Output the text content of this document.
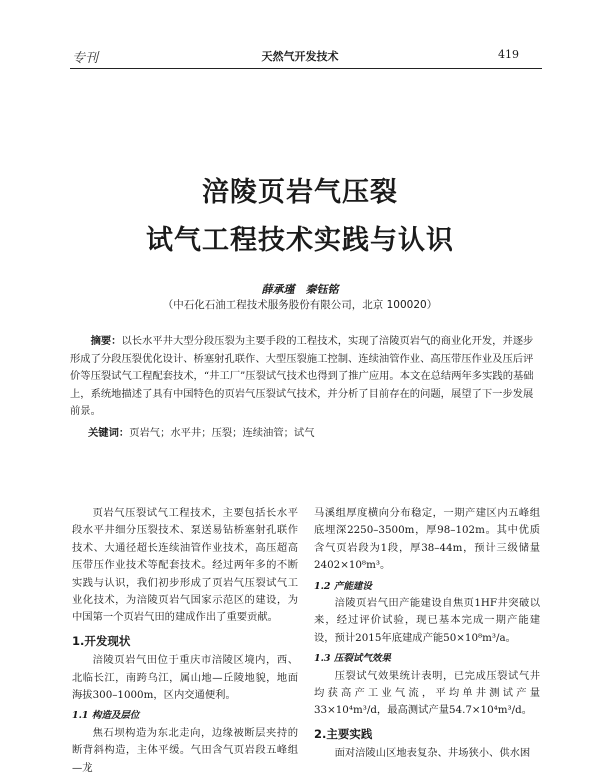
专刊	天然气开发技术	419
涪陵页岩气压裂
试气工程技术实践与认识
薛承瑾　秦钰铭
（中石化石油工程技术服务股份有限公司，北京 100020）
摘要：以长水平井大型分段压裂为主要手段的工程技术，实现了涪陵页岩气的商业化开发，并逐步形成了分段压裂优化设计、桥塞射孔联作、大型压裂施工控制、连续油管作业、高压带压作业及压后评价等压裂试气工程配套技术，“井工厂”压裂试气技术也得到了推广应用。本文在总结两年多实践的基础上，系统地描述了具有中国特色的页岩气压裂试气技术，并分析了目前存在的问题，展望了下一步发展前景。
关键词：页岩气；水平井；压裂；连续油管；试气

页岩气压裂试气工程技术，主要包括长水平段水平井细分压裂技术、泵送易钻桥塞射孔联作技术、大通径超长连续油管作业技术，高压超高压带压作业技术等配套技术。经过两年多的不断实践与认识，我们初步形成了页岩气压裂试气工业化技术，为涪陵页岩气国家示范区的建设，为中国第一个页岩气田的建成作出了重要贡献。

1.开发现状

涪陵页岩气田位于重庆市涪陵区境内，西、北临长江，南跨乌江，属山地—丘陵地貌，地面海拔300–1000m，区内交通便利。

1.1 构造及层位

焦石坝构造为东北走向，边缘被断层夹持的断背斜构造，主体平缓。气田含气页岩段五峰组—龙

马溪组厚度横向分布稳定，一期产建区内五峰组底埋深2250–3500m，厚98–102m。其中优质含气页岩段为1段，厚38–44m，预计三级储量2402×10⁸m³。

1.2 产能建设

涪陵页岩气田产能建设自焦页1HF井突破以来，经过评价试验，现已基本完成一期产能建设，预计2015年底建成产能50×10⁸m³/a。

1.3 压裂试气效果

压裂试气效果统计表明，已完成压裂试气井均获高产工业气流，平均单井测试产量33×10⁴m³/d，最高测试产量54.7×10⁴m³/d。

2.主要实践

面对涪陵山区地表复杂、井场狭小、供水困
